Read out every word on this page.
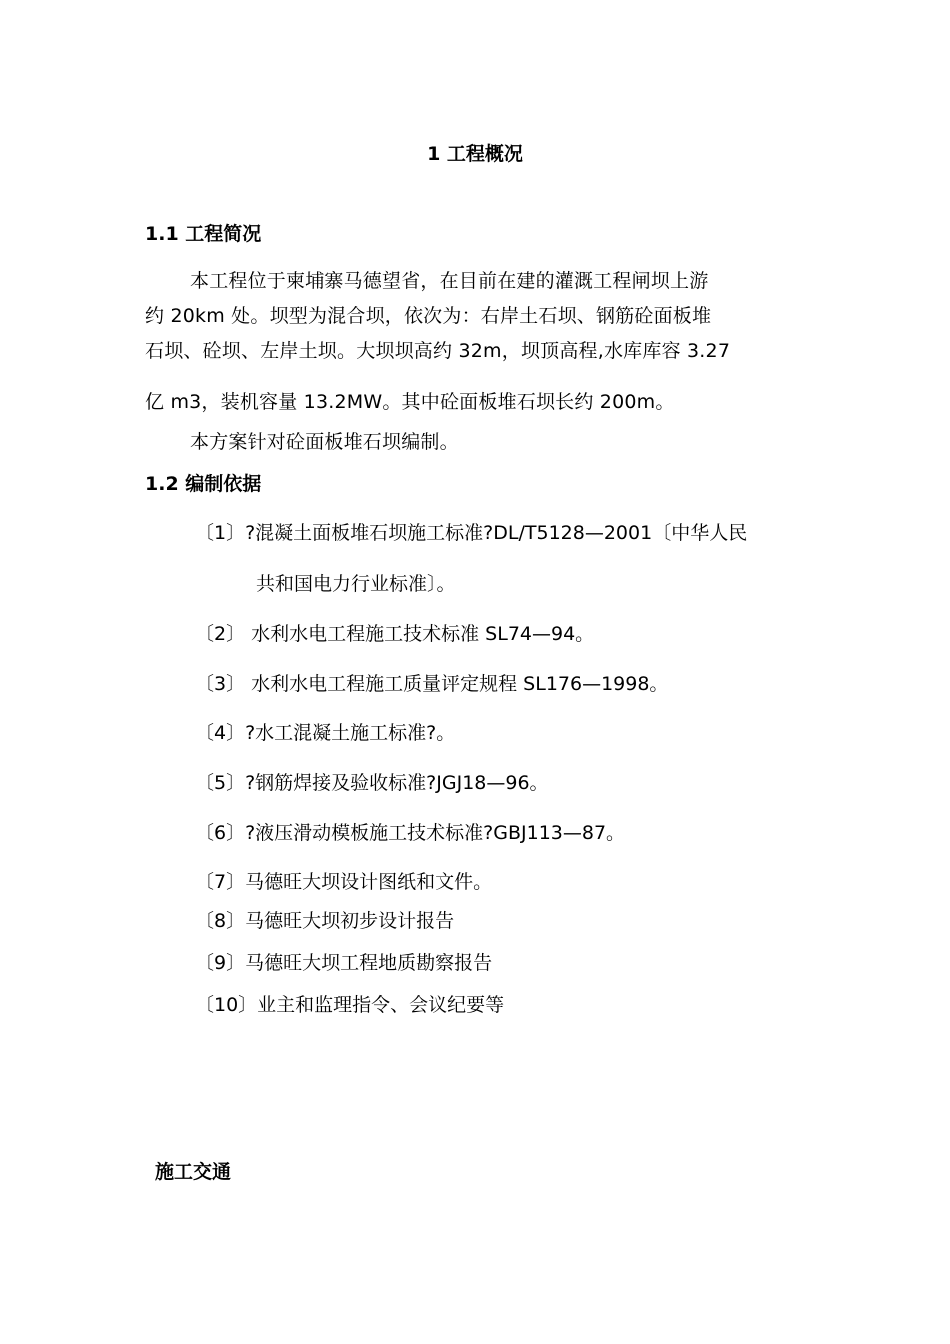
1 工程概况
1.1 工程简况
本工程位于柬埔寨马德望省，在目前在建的灌溉工程闸坝上游
约 20km 处。坝型为混合坝，依次为：右岸土石坝、钢筋砼面板堆
石坝、砼坝、左岸土坝。大坝坝高约 32m，坝顶高程,水库库容 3.27
亿 m3，装机容量 13.2MW。其中砼面板堆石坝长约 200m。
本方案针对砼面板堆石坝编制。
1.2 编制依据
〔1〕?混凝土面板堆石坝施工标准?DL/T5128—2001〔中华人民
共和国电力行业标准〕。
〔2〕 水利水电工程施工技术标准 SL74—94。
〔3〕 水利水电工程施工质量评定规程 SL176—1998。
〔4〕?水工混凝土施工标准?。
〔5〕?钢筋焊接及验收标准?JGJ18—96。
〔6〕?液压滑动模板施工技术标准?GBJ113—87。
〔7〕马德旺大坝设计图纸和文件。
〔8〕马德旺大坝初步设计报告
〔9〕马德旺大坝工程地质勘察报告
〔10〕业主和监理指令、会议纪要等
施工交通
